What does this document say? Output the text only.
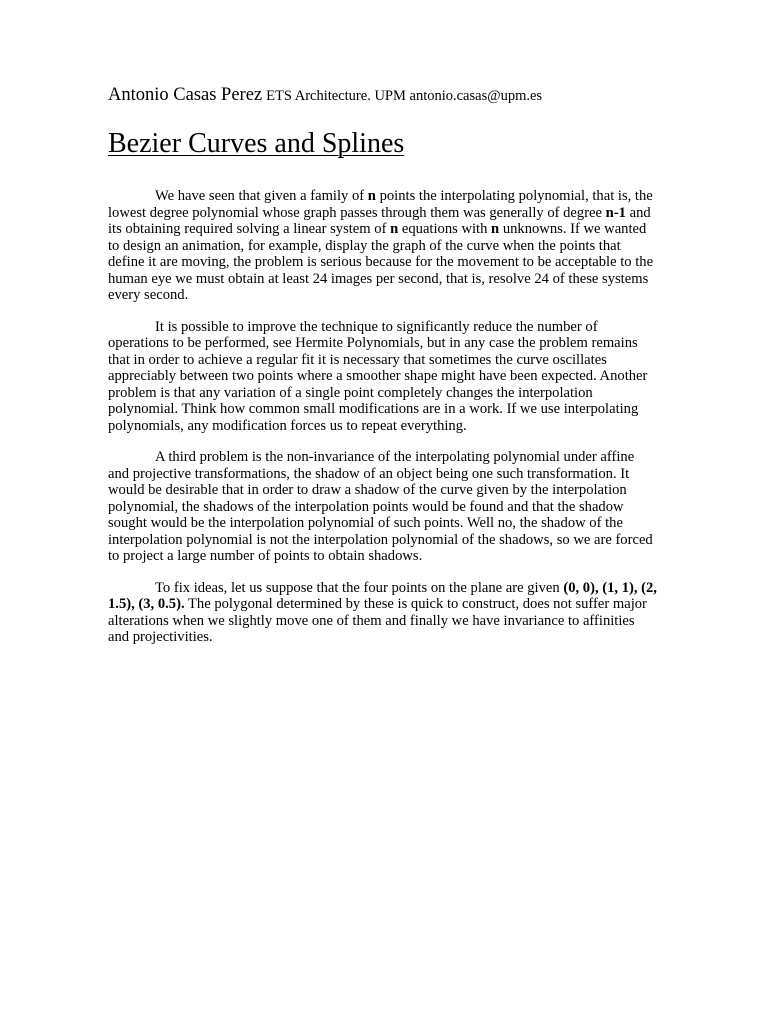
Antonio Casas Perez ETS Architecture. UPM antonio.casas@upm.es

Bezier Curves and Splines

We have seen that given a family of n points the interpolating polynomial, that is, the lowest degree polynomial whose graph passes through them was generally of degree n-1 and its obtaining required solving a linear system of n equations with n unknowns. If we wanted to design an animation, for example, display the graph of the curve when the points that define it are moving, the problem is serious because for the movement to be acceptable to the human eye we must obtain at least 24 images per second, that is, resolve 24 of these systems every second.

It is possible to improve the technique to significantly reduce the number of operations to be performed, see Hermite Polynomials, but in any case the problem remains that in order to achieve a regular fit it is necessary that sometimes the curve oscillates appreciably between two points where a smoother shape might have been expected. Another problem is that any variation of a single point completely changes the interpolation polynomial. Think how common small modifications are in a work. If we use interpolating polynomials, any modification forces us to repeat everything.

A third problem is the non-invariance of the interpolating polynomial under affine and projective transformations, the shadow of an object being one such transformation. It would be desirable that in order to draw a shadow of the curve given by the interpolation polynomial, the shadows of the interpolation points would be found and that the shadow sought would be the interpolation polynomial of such points. Well no, the shadow of the interpolation polynomial is not the interpolation polynomial of the shadows, so we are forced to project a large number of points to obtain shadows.

To fix ideas, let us suppose that the four points on the plane are given (0, 0), (1, 1), (2, 1.5), (3, 0.5). The polygonal determined by these is quick to construct, does not suffer major alterations when we slightly move one of them and finally we have invariance to affinities and projectivities.
